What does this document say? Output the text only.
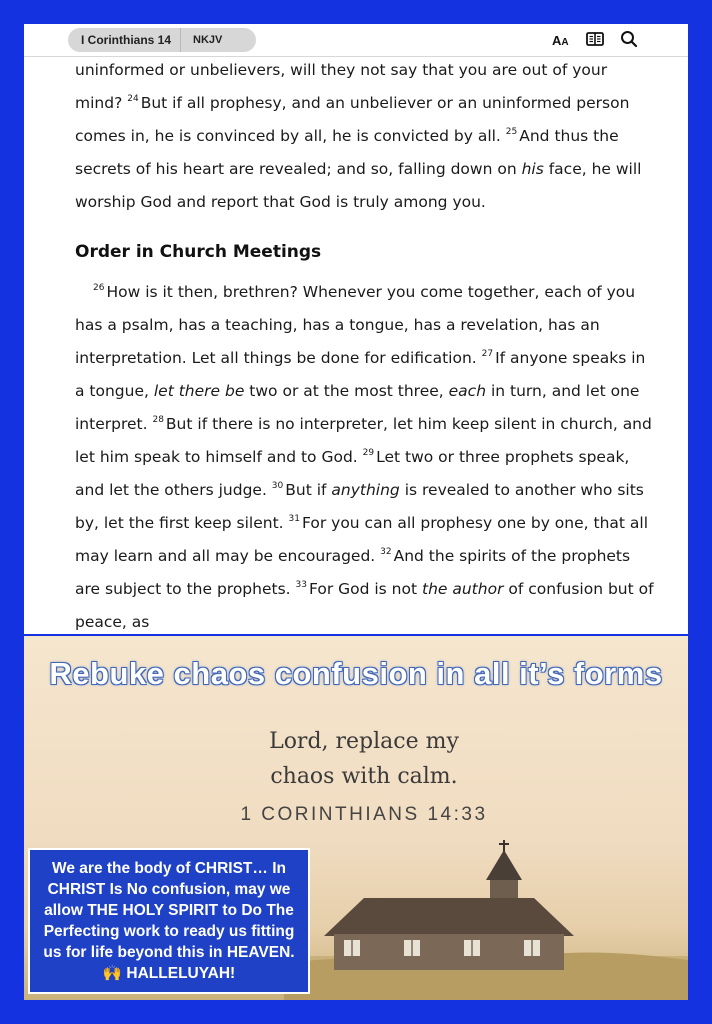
I Corinthians 14	NKJV	AA

uninformed or unbelievers, will they not say that you are out of your mind? $^{24}$ But if all prophesy, and an unbeliever or an uninformed person comes in, he is convinced by all, he is convicted by all. $^{25}$ And thus the secrets of his heart are revealed; and so, falling down on his face, he will worship God and report that God is truly among you.

Order in Church Meetings

$^{26}$ How is it then, brethren? Whenever you come together, each of you has a psalm, has a teaching, has a tongue, has a revelation, has an interpretation. Let all things be done for edification. $^{27}$ If anyone speaks in a tongue, let there be two or at the most three, each in turn, and let one interpret. $^{28}$ But if there is no interpreter, let him keep silent in church, and let him speak to himself and to God. $^{29}$ Let two or three prophets speak, and let the others judge. $^{30}$ But if anything is revealed to another who sits by, let the first keep silent. $^{31}$ For you can all prophesy one by one, that all may learn and all may be encouraged. $^{32}$ And the spirits of the prophets are subject to the prophets. $^{33}$ For God is not the author of confusion but of peace, as

Rebuke chaos confusion in all it’s forms
Lord, replace my
chaos with calm.
1 CORINTHIANS 14:33
We are the body of CHRIST… In CHRIST Is No confusion, may we allow THE HOLY SPIRIT to Do The Perfecting work to ready us fitting us for life beyond this in HEAVEN. 🙌 HALLELUYAH!
